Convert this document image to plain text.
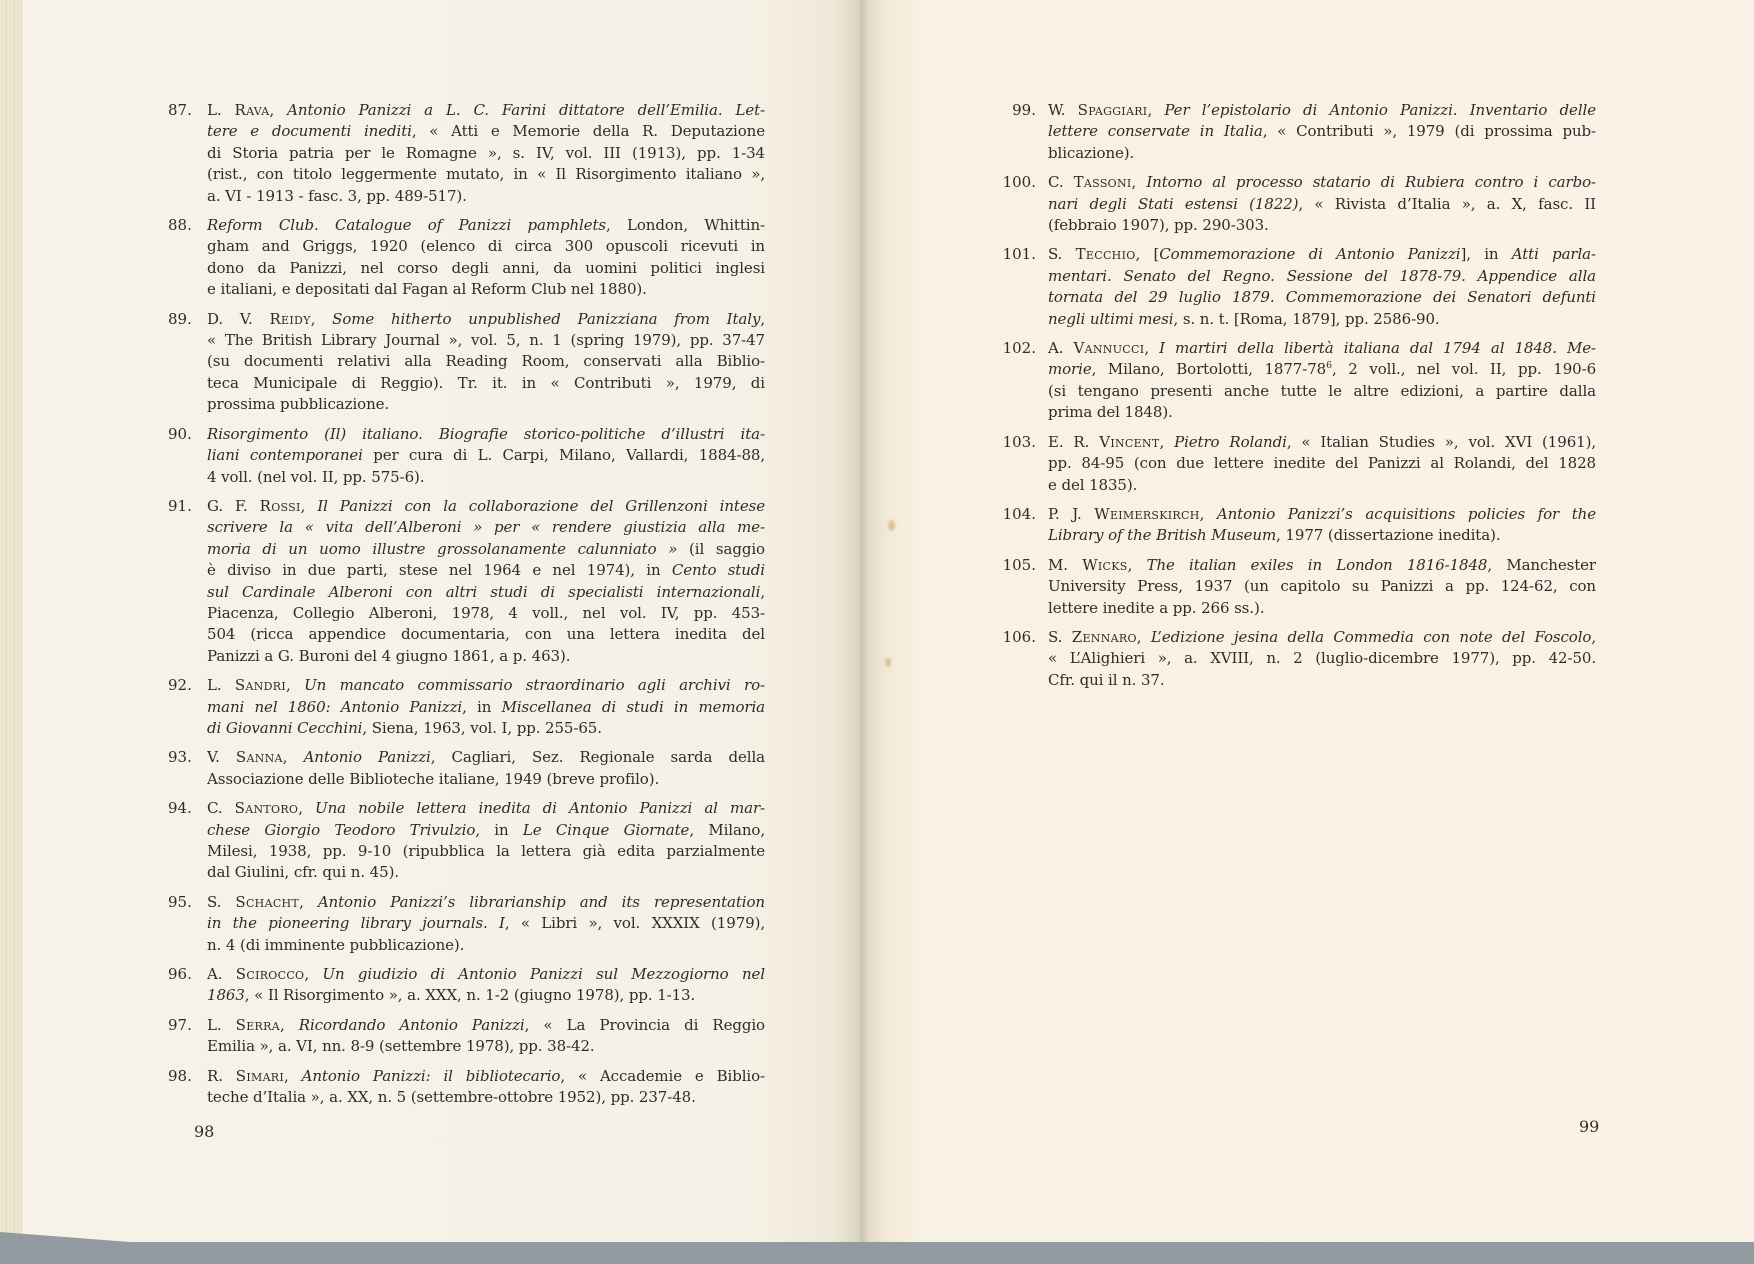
87.	L. Rava, Antonio Panizzi a L. C. Farini dittatore dell’Emilia. Let-
tere e documenti inediti, « Atti e Memorie della R. Deputazione
di Storia patria per le Romagne », s. IV, vol. III (1913), pp. 1-34
(rist., con titolo leggermente mutato, in « Il Risorgimento italiano »,
a. VI - 1913 - fasc. 3, pp. 489-517).
88.	Reform Club. Catalogue of Panizzi pamphlets, London, Whittin-
gham and Griggs, 1920 (elenco di circa 300 opuscoli ricevuti in
dono da Panizzi, nel corso degli anni, da uomini politici inglesi
e italiani, e depositati dal Fagan al Reform Club nel 1880).
89.	D. V. Reidy, Some hitherto unpublished Panizziana from Italy,
« The British Library Journal », vol. 5, n. 1 (spring 1979), pp. 37-47
(su documenti relativi alla Reading Room, conservati alla Biblio-
teca Municipale di Reggio). Tr. it. in « Contributi », 1979, di
prossima pubblicazione.
90.	Risorgimento (Il) italiano. Biografie storico-politiche d’illustri ita-
liani contemporanei per cura di L. Carpi, Milano, Vallardi, 1884-88,
4 voll. (nel vol. II, pp. 575-6).
91.	G. F. Rossi, Il Panizzi con la collaborazione del Grillenzoni intese
scrivere la « vita dell’Alberoni » per « rendere giustizia alla me-
moria di un uomo illustre grossolanamente calunniato » (il saggio
è diviso in due parti, stese nel 1964 e nel 1974), in Cento studi
sul Cardinale Alberoni con altri studi di specialisti internazionali,
Piacenza, Collegio Alberoni, 1978, 4 voll., nel vol. IV, pp. 453-
504 (ricca appendice documentaria, con una lettera inedita del
Panizzi a G. Buroni del 4 giugno 1861, a p. 463).
92.	L. Sandri, Un mancato commissario straordinario agli archivi ro-
mani nel 1860: Antonio Panizzi, in Miscellanea di studi in memoria
di Giovanni Cecchini, Siena, 1963, vol. I, pp. 255-65.
93.	V. Sanna, Antonio Panizzi, Cagliari, Sez. Regionale sarda della
Associazione delle Biblioteche italiane, 1949 (breve profilo).
94.	C. Santoro, Una nobile lettera inedita di Antonio Panizzi al mar-
chese Giorgio Teodoro Trivulzio, in Le Cinque Giornate, Milano,
Milesi, 1938, pp. 9-10 (ripubblica la lettera già edita parzialmente
dal Giulini, cfr. qui n. 45).
95.	S. Schacht, Antonio Panizzi’s librarianship and its representation
in the pioneering library journals. I, « Libri », vol. XXXIX (1979),
n. 4 (di imminente pubblicazione).
96.	A. Scirocco, Un giudizio di Antonio Panizzi sul Mezzogiorno nel
1863, « Il Risorgimento », a. XXX, n. 1-2 (giugno 1978), pp. 1-13.
97.	L. Serra, Ricordando Antonio Panizzi, « La Provincia di Reggio
Emilia », a. VI, nn. 8-9 (settembre 1978), pp. 38-42.
98.	R. Simari, Antonio Panizzi: il bibliotecario, « Accademie e Biblio-
teche d’Italia », a. XX, n. 5 (settembre-ottobre 1952), pp. 237-48.
98
99. W. Spaggiari, Per l’epistolario di Antonio Panizzi. Inventario delle
lettere conservate in Italia, « Contributi », 1979 (di prossima pub-
blicazione).
100. C. Tassoni, Intorno al processo statario di Rubiera contro i carbo-
nari degli Stati estensi (1822), « Rivista d’Italia », a. X, fasc. II
(febbraio 1907), pp. 290-303.
101. S. Tecchio, [Commemorazione di Antonio Panizzi], in Atti parla-
mentari. Senato del Regno. Sessione del 1878-79. Appendice alla
tornata del 29 luglio 1879. Commemorazione dei Senatori defunti
negli ultimi mesi, s. n. t. [Roma, 1879], pp. 2586-90.
102. A. Vannucci, I martiri della libertà italiana dal 1794 al 1848. Me-
morie, Milano, Bortolotti, $1877-78^6$, 2 voll., nel vol. II, pp. 190-6
(si tengano presenti anche tutte le altre edizioni, a partire dalla
prima del 1848).
103. E. R. Vincent, Pietro Rolandi, « Italian Studies », vol. XVI (1961),
pp. 84-95 (con due lettere inedite del Panizzi al Rolandi, del 1828
e del 1835).
104. P. J. Weimerskirch, Antonio Panizzi’s acquisitions policies for the
Library of the British Museum, 1977 (dissertazione inedita).
105. M. Wicks, The italian exiles in London 1816-1848, Manchester
University Press, 1937 (un capitolo su Panizzi a pp. 124-62, con
lettere inedite a pp. 266 ss.).
106. S. Zennaro, L’edizione jesina della Commedia con note del Foscolo,
« L’Alighieri », a. XVIII, n. 2 (luglio-dicembre 1977), pp. 42-50.
Cfr. qui il n. 37.
99
